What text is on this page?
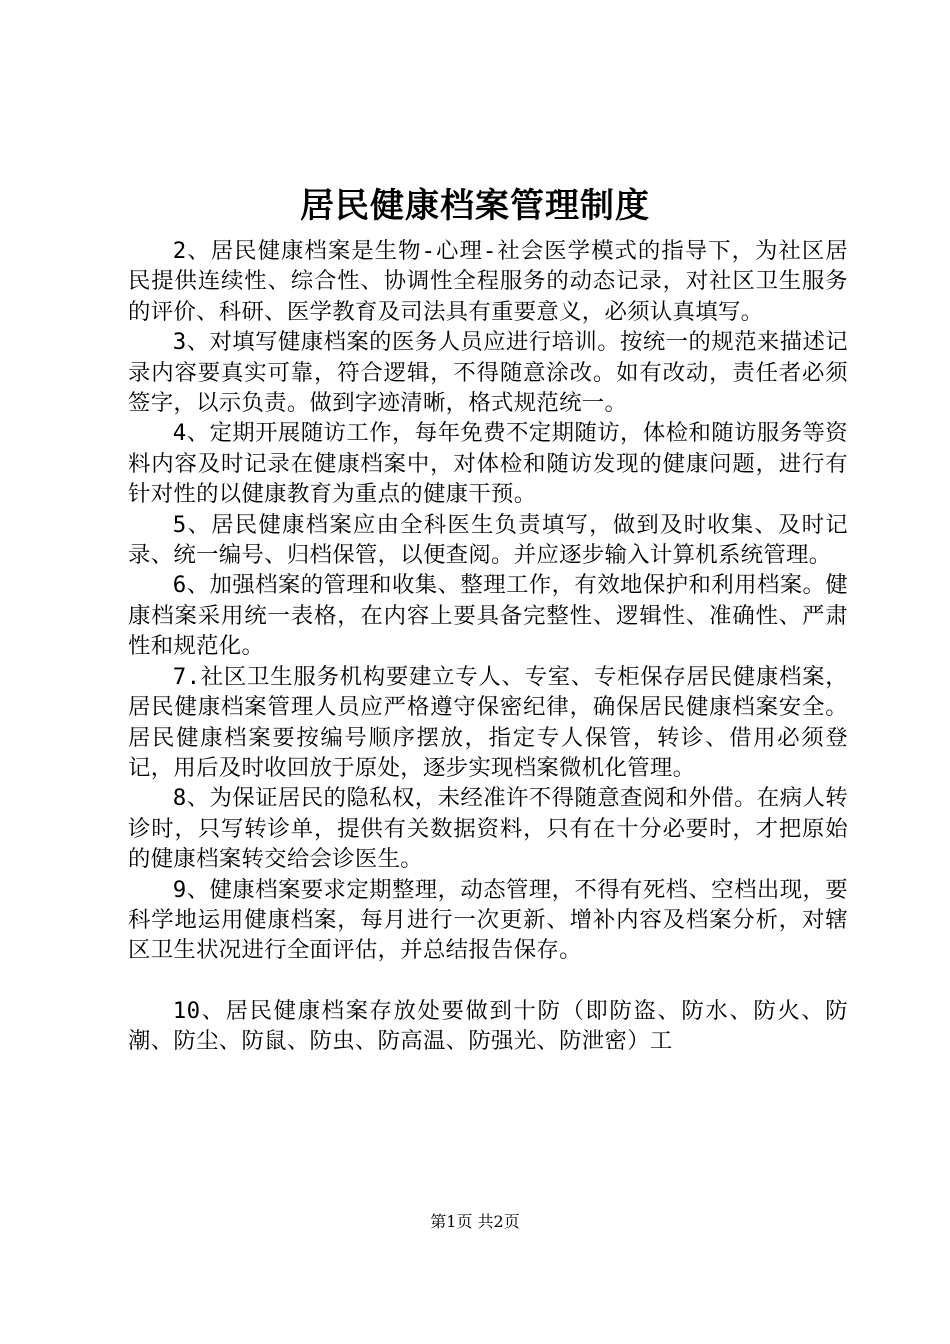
居民健康档案管理制度

2、居民健康档案是生物-心理-社会医学模式的指导下，为社区居民提供连续性、综合性、协调性全程服务的动态记录，对社区卫生服务的评价、科研、医学教育及司法具有重要意义，必须认真填写。

3、对填写健康档案的医务人员应进行培训。按统一的规范来描述记录内容要真实可靠，符合逻辑，不得随意涂改。如有改动，责任者必须签字，以示负责。做到字迹清晰，格式规范统一。

4、定期开展随访工作，每年免费不定期随访，体检和随访服务等资料内容及时记录在健康档案中，对体检和随访发现的健康问题，进行有针对性的以健康教育为重点的健康干预。

5、居民健康档案应由全科医生负责填写，做到及时收集、及时记录、统一编号、归档保管，以便查阅。并应逐步输入计算机系统管理。

6、加强档案的管理和收集、整理工作，有效地保护和利用档案。健康档案采用统一表格，在内容上要具备完整性、逻辑性、准确性、严肃性和规范化。

7.社区卫生服务机构要建立专人、专室、专柜保存居民健康档案，居民健康档案管理人员应严格遵守保密纪律，确保居民健康档案安全。居民健康档案要按编号顺序摆放，指定专人保管，转诊、借用必须登记，用后及时收回放于原处，逐步实现档案微机化管理。

8、为保证居民的隐私权，未经准许不得随意查阅和外借。在病人转诊时，只写转诊单，提供有关数据资料，只有在十分必要时，才把原始的健康档案转交给会诊医生。

9、健康档案要求定期整理，动态管理，不得有死档、空档出现，要科学地运用健康档案，每月进行一次更新、增补内容及档案分析，对辖区卫生状况进行全面评估，并总结报告保存。

10、居民健康档案存放处要做到十防（即防盗、防水、防火、防潮、防尘、防鼠、防虫、防高温、防强光、防泄密）工

第1页 共2页
